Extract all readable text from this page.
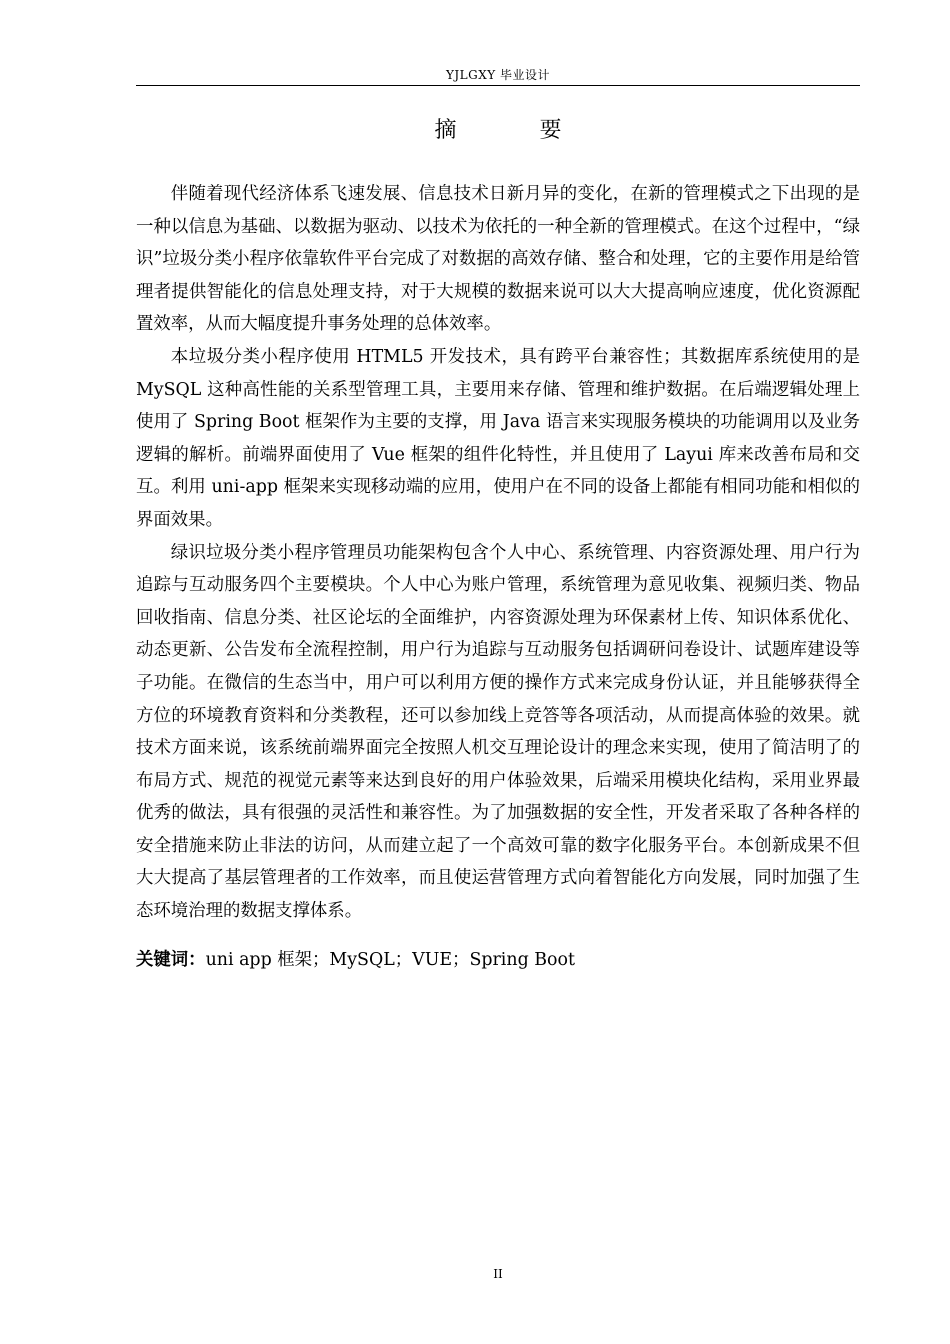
YJLGXY 毕业设计
摘 要

伴随着现代经济体系飞速发展、信息技术日新月异的变化，在新的管理模式之下出现的是一种以信息为基础、以数据为驱动、以技术为依托的一种全新的管理模式。在这个过程中，“绿识”垃圾分类小程序依靠软件平台完成了对数据的高效存储、整合和处理，它的主要作用是给管理者提供智能化的信息处理支持，对于大规模的数据来说可以大大提高响应速度，优化资源配置效率，从而大幅度提升事务处理的总体效率。

本垃圾分类小程序使用 HTML5 开发技术，具有跨平台兼容性；其数据库系统使用的是 MySQL 这种高性能的关系型管理工具，主要用来存储、管理和维护数据。在后端逻辑处理上使用了 Spring Boot 框架作为主要的支撑，用 Java 语言来实现服务模块的功能调用以及业务逻辑的解析。前端界面使用了 Vue 框架的组件化特性，并且使用了 Layui 库来改善布局和交互。利用 uni-app 框架来实现移动端的应用，使用户在不同的设备上都能有相同功能和相似的界面效果。

绿识垃圾分类小程序管理员功能架构包含个人中心、系统管理、内容资源处理、用户行为追踪与互动服务四个主要模块。个人中心为账户管理，系统管理为意见收集、视频归类、物品回收指南、信息分类、社区论坛的全面维护，内容资源处理为环保素材上传、知识体系优化、动态更新、公告发布全流程控制，用户行为追踪与互动服务包括调研问卷设计、试题库建设等子功能。在微信的生态当中，用户可以利用方便的操作方式来完成身份认证，并且能够获得全方位的环境教育资料和分类教程，还可以参加线上竞答等各项活动，从而提高体验的效果。就技术方面来说，该系统前端界面完全按照人机交互理论设计的理念来实现，使用了简洁明了的布局方式、规范的视觉元素等来达到良好的用户体验效果，后端采用模块化结构，采用业界最优秀的做法，具有很强的灵活性和兼容性。为了加强数据的安全性，开发者采取了各种各样的安全措施来防止非法的访问，从而建立起了一个高效可靠的数字化服务平台。本创新成果不但大大提高了基层管理者的工作效率，而且使运营管理方式向着智能化方向发展，同时加强了生态环境治理的数据支撑体系。

关键词：uni app 框架；MySQL；VUE；Spring Boot

II
